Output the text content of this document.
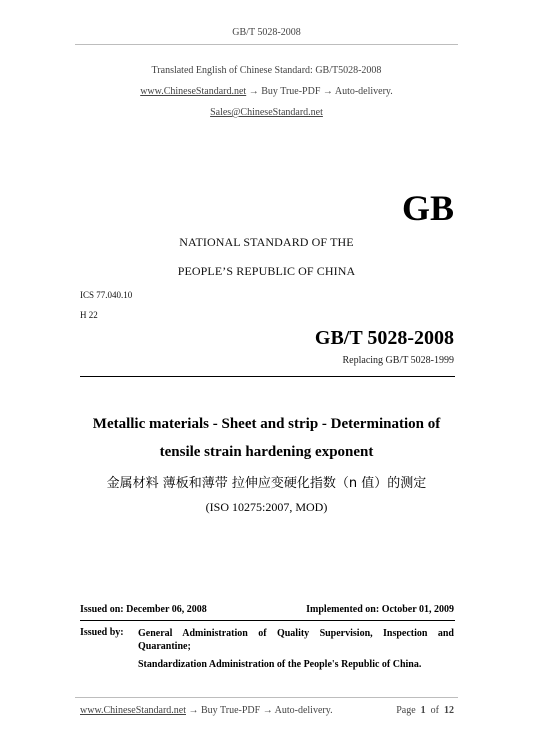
GB/T 5028-2008
Translated English of Chinese Standard: GB/T5028-2008
www.ChineseStandard.net → Buy True-PDF → Auto-delivery.
Sales@ChineseStandard.net
GB
NATIONAL STANDARD OF THE
PEOPLE’S REPUBLIC OF CHINA
ICS 77.040.10
H 22
GB/T 5028-2008
Replacing GB/T 5028-1999
Metallic materials - Sheet and strip - Determination of
tensile strain hardening exponent
金属材料 薄板和薄带 拉伸应变硬化指数（n 值）的测定
(ISO 10275:2007, MOD)
Issued on: December 06, 2008	Implemented on: October 01, 2009
Issued by: General Administration of Quality Supervision, Inspection and Quarantine;
Standardization Administration of the People's Republic of China.
www.ChineseStandard.net → Buy True-PDF → Auto-delivery.	Page 1 of 12
